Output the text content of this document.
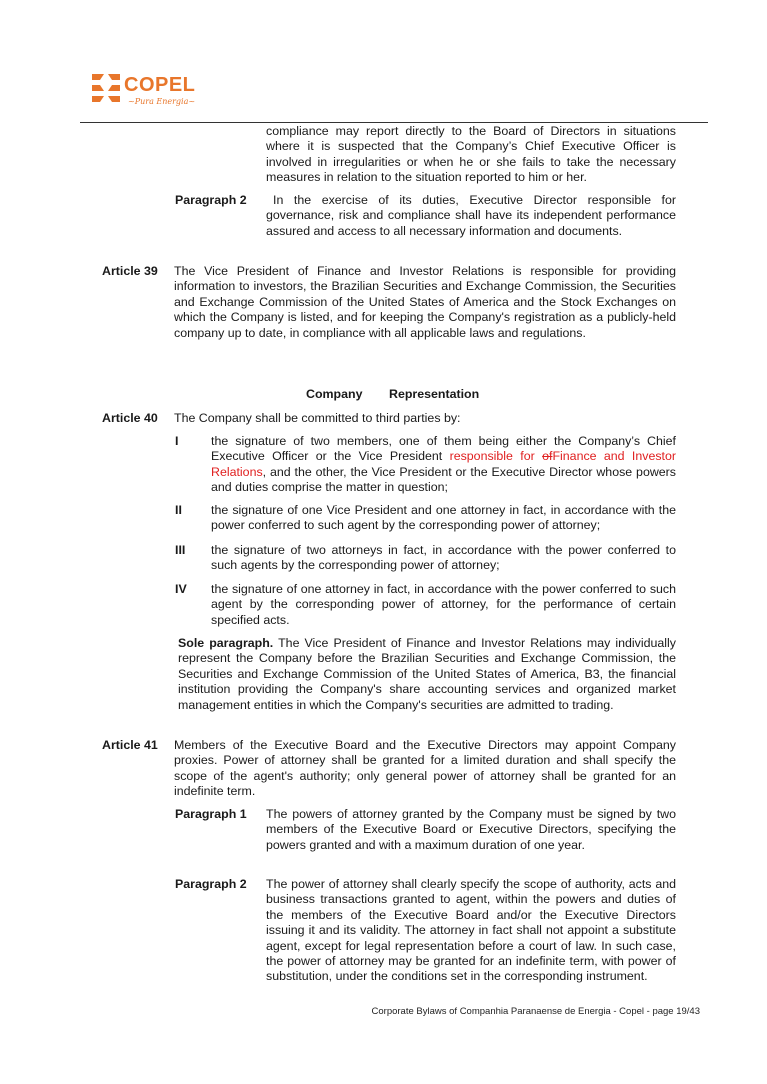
COPEL
~Pura Energia~
compliance may report directly to the Board of Directors in situations where it is suspected that the Company’s Chief Executive Officer is involved in irregularities or when he or she fails to take the necessary measures in relation to the situation reported to him or her.
Paragraph 2	In the exercise of its duties, Executive Director responsible for governance, risk and compliance shall have its independent performance assured and access to all necessary information and documents.
Article 39 The Vice President of Finance and Investor Relations is responsible for providing information to investors, the Brazilian Securities and Exchange Commission, the Securities and Exchange Commission of the United States of America and the Stock Exchanges on which the Company is listed, and for keeping the Company's registration as a publicly-held company up to date, in compliance with all applicable laws and regulations.
Company Representation
Article 40 The Company shall be committed to third parties by:
I	the signature of two members, one of them being either the Company’s Chief Executive Officer or the Vice President responsible for ofFinance and Investor Relations, and the other, the Vice President or the Executive Director whose powers and duties comprise the matter in question;
II the signature of one Vice President and one attorney in fact, in accordance with the power conferred to such agent by the corresponding power of attorney;
III the signature of two attorneys in fact, in accordance with the power conferred to such agents by the corresponding power of attorney;
IV the signature of one attorney in fact, in accordance with the power conferred to such agent by the corresponding power of attorney, for the performance of certain specified acts.
Sole paragraph. The Vice President of Finance and Investor Relations may individually represent the Company before the Brazilian Securities and Exchange Commission, the Securities and Exchange Commission of the United States of America, B3, the financial institution providing the Company's share accounting services and organized market management entities in which the Company's securities are admitted to trading.
Article 41 Members of the Executive Board and the Executive Directors may appoint Company proxies. Power of attorney shall be granted for a limited duration and shall specify the scope of the agent's authority; only general power of attorney shall be granted for an indefinite term.
Paragraph 1 The powers of attorney granted by the Company must be signed by two members of the Executive Board or Executive Directors, specifying the powers granted and with a maximum duration of one year.
Paragraph 2 The power of attorney shall clearly specify the scope of authority, acts and business transactions granted to agent, within the powers and duties of the members of the Executive Board and/or the Executive Directors issuing it and its validity. The attorney in fact shall not appoint a substitute agent, except for legal representation before a court of law. In such case, the power of attorney may be granted for an indefinite term, with power of substitution, under the conditions set in the corresponding instrument.
Corporate Bylaws of Companhia Paranaense de Energia - Copel - page 19/43
